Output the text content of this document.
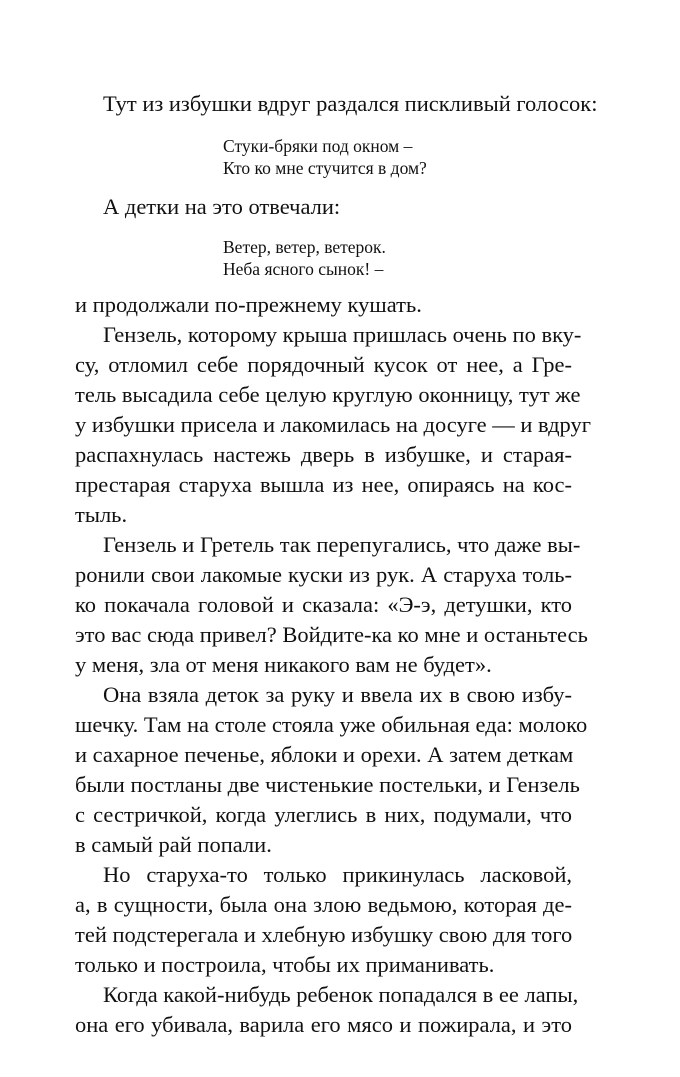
Тут из избушки вдруг раздался пискливый голосок:
Стуки-бряки под окном –
Кто ко мне стучится в дом?
А детки на это отвечали:
Ветер, ветер, ветерок.
Неба ясного сынок! –
и продолжали по-прежнему кушать.
Гензель, которому крыша пришлась очень по вку-
су, отломил себе порядочный кусок от нее, а Гре-
тель высадила себе целую круглую оконницу, тут же
у избушки присела и лакомилась на досуге — и вдруг
распахнулась настежь дверь в избушке, и старая-
престарая старуха вышла из нее, опираясь на кос-
тыль.
Гензель и Гретель так перепугались, что даже вы-
ронили свои лакомые куски из рук. А старуха толь-
ко покачала головой и сказала: «Э-э, детушки, кто
это вас сюда привел? Войдите-ка ко мне и останьтесь
у меня, зла от меня никакого вам не будет».
Она взяла деток за руку и ввела их в свою избу-
шечку. Там на столе стояла уже обильная еда: молоко
и сахарное печенье, яблоки и орехи. А затем деткам
были постланы две чистенькие постельки, и Гензель
с сестричкой, когда улеглись в них, подумали, что
в самый рай попали.
Но старуха-то только прикинулась ласковой,
а, в сущности, была она злою ведьмою, которая де-
тей подстерегала и хлебную избушку свою для того
только и построила, чтобы их приманивать.
Когда какой-нибудь ребенок попадался в ее лапы,
она его убивала, варила его мясо и пожирала, и это
